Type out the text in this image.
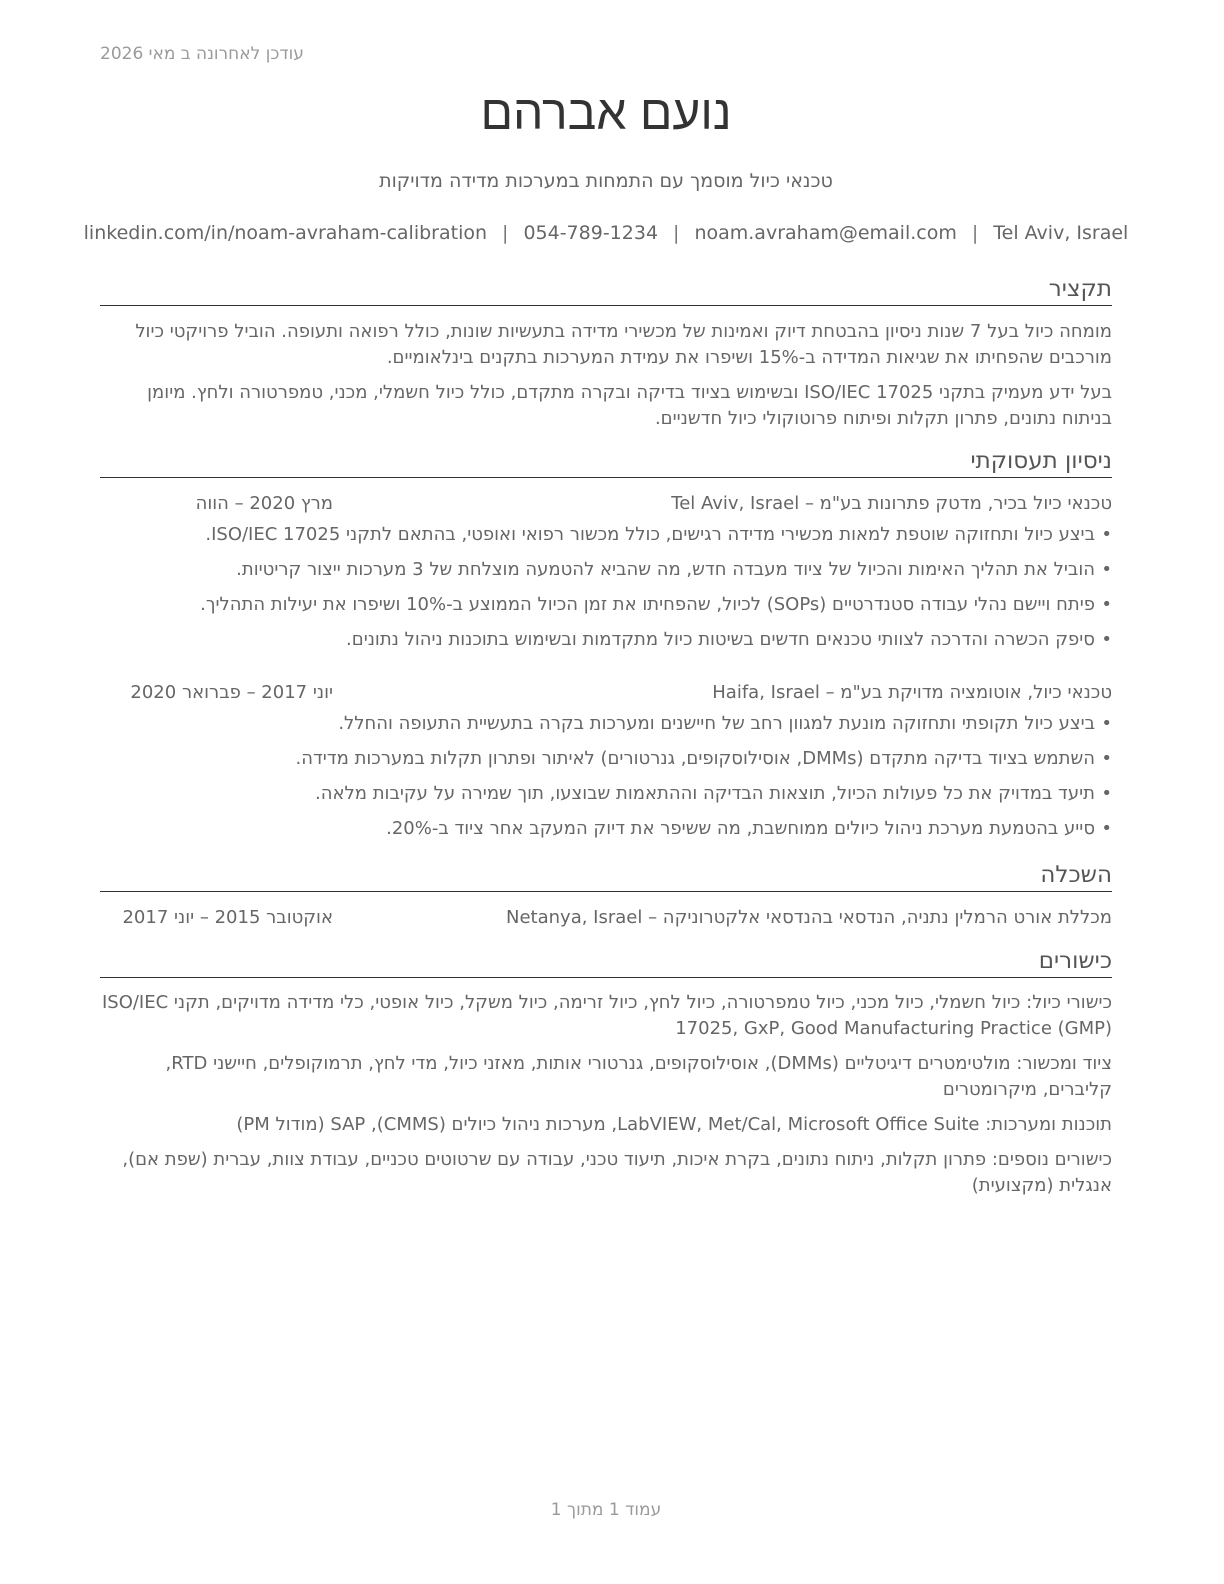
עודכן לאחרונה ב מאי 2026
נועם אברהם
טכנאי כיול מוסמך עם התמחות במערכות מדידה מדויקות
Tel Aviv, Israel
|
noam.avraham@email.com
|
054-789-1234
|
linkedin.com/in/noam-avraham-calibration
תקציר

מומחה כיול בעל 7 שנות ניסיון בהבטחת דיוק ואמינות של מכשירי מדידה בתעשיות שונות, כולל רפואה ותעופה. הוביל פרויקטי כיול מורכבים שהפחיתו את שגיאות המדידה ב-15% ושיפרו את עמידת המערכות בתקנים בינלאומיים.

בעל ידע מעמיק בתקני ISO/IEC 17025 ובשימוש בציוד בדיקה ובקרה מתקדם, כולל כיול חשמלי, מכני, טמפרטורה ולחץ. מיומן בניתוח נתונים, פתרון תקלות ופיתוח פרוטוקולי כיול חדשניים.

ניסיון תעסוקתי
טכנאי כיול בכיר, מדטק פתרונות בע"מ – Tel Aviv, Israel
מרץ 2020 – הווה
•
ביצע כיול ותחזוקה שוטפת למאות מכשירי מדידה רגישים, כולל מכשור רפואי ואופטי, בהתאם לתקני ISO/IEC 17025.
•
הוביל את תהליך האימות והכיול של ציוד מעבדה חדש, מה שהביא להטמעה מוצלחת של 3 מערכות ייצור קריטיות.
•
פיתח ויישם נהלי עבודה סטנדרטיים (SOPs) לכיול, שהפחיתו את זמן הכיול הממוצע ב-10% ושיפרו את יעילות התהליך.
•
סיפק הכשרה והדרכה לצוותי טכנאים חדשים בשיטות כיול מתקדמות ובשימוש בתוכנות ניהול נתונים.
טכנאי כיול, אוטומציה מדויקת בע"מ – Haifa, Israel
יוני 2017 – פברואר 2020
•
ביצע כיול תקופתי ותחזוקה מונעת למגוון רחב של חיישנים ומערכות בקרה בתעשיית התעופה והחלל.
•
השתמש בציוד בדיקה מתקדם (DMMs, אוסילוסקופים, גנרטורים) לאיתור ופתרון תקלות במערכות מדידה.
•
תיעד במדויק את כל פעולות הכיול, תוצאות הבדיקה וההתאמות שבוצעו, תוך שמירה על עקיבות מלאה.
•
סייע בהטמעת מערכת ניהול כיולים ממוחשבת, מה ששיפר את דיוק המעקב אחר ציוד ב-20%.
השכלה
מכללת אורט הרמלין נתניה, הנדסאי בהנדסאי אלקטרוניקה – Netanya, Israel
אוקטובר 2015 – יוני 2017
כישורים

כישורי כיול: כיול חשמלי, כיול מכני, כיול טמפרטורה, כיול לחץ, כיול זרימה, כיול משקל, כיול אופטי, כלי מדידה מדויקים, תקני ISO/IEC 17025, GxP, Good Manufacturing Practice (GMP)

ציוד ומכשור: מולטימטרים דיגיטליים (DMMs), אוסילוסקופים, גנרטורי אותות, מאזני כיול, מדי לחץ, תרמוקופלים, חיישני RTD, קליברים, מיקרומטרים

תוכנות ומערכות: LabVIEW, Met/Cal, Microsoft Office Suite, מערכות ניהול כיולים (CMMS), SAP (מודול PM)

כישורים נוספים: פתרון תקלות, ניתוח נתונים, בקרת איכות, תיעוד טכני, עבודה עם שרטוטים טכניים, עבודת צוות, עברית (שפת אם), אנגלית (מקצועית)

עמוד 1 מתוך 1
